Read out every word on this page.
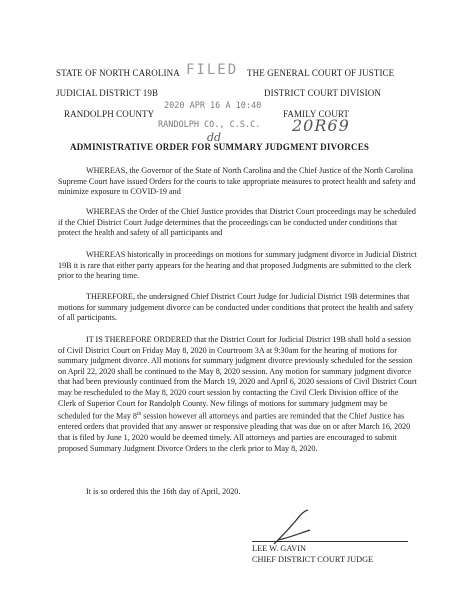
STATE OF NORTH CAROLINA
JUDICIAL DISTRICT 19B
RANDOLPH COUNTY
THE GENERAL COURT OF JUSTICE
DISTRICT COURT DIVISION
FAMILY COURT
20R69
FILED
2020 APR 16 A 10:40
RANDOLPH CO., C.S.C.
dd
ADMINISTRATIVE ORDER FOR SUMMARY JUDGMENT DIVORCES

WHEREAS, the Governor of the State of North Carolina and the Chief Justice of the North Carolina Supreme Court have issued Orders for the courts to take appropriate measures to protect health and safety and minimize exposure to COVID-19 and

WHEREAS the Order of the Chief Justice provides that District Court proceedings may be scheduled if the Chief District Court Judge determines that the proceedings can be conducted under conditions that protect the health and safety of all participants and

WHEREAS historically in proceedings on motions for summary judgment divorce in Judicial District 19B it is rare that either party appears for the hearing and that proposed Judgments are submitted to the clerk prior to the hearing time.

THEREFORE, the undersigned Chief District Court Judge for Judicial District 19B determines that motions for summary judgement divorce can be conducted under conditions that protect the health and safety of all participants.

IT IS THEREFORE ORDERED that the District Court for Judicial District 19B shall hold a session of Civil District Court on Friday May 8, 2020 in Courtroom 3A at 9:30am for the hearing of motions for summary judgment divorce. All motions for summary judgment divorce previously scheduled for the session on April 22, 2020 shall be continued to the May 8, 2020 session. Any motion for summary judgment divorce that had been previously continued from the March 19, 2020 and April 6, 2020 sessions of Civil District Court may be rescheduled to the May 8, 2020 court session by contacting the Civil Clerk Division office of the Clerk of Superior Court for Randolph County. New filings of motions for summary judgment may be scheduled for the May 8th session however all attorneys and parties are reminded that the Chief Justice has entered orders that provided that any answer or responsive pleading that was due on or after March 16, 2020 that is filed by June 1, 2020 would be deemed timely. All attorneys and parties are encouraged to submit proposed Summary Judgment Divorce Orders to the clerk prior to May 8, 2020.

It is so ordered this the 16th day of April, 2020.

LEE W. GAVIN
CHIEF DISTRICT COURT JUDGE
